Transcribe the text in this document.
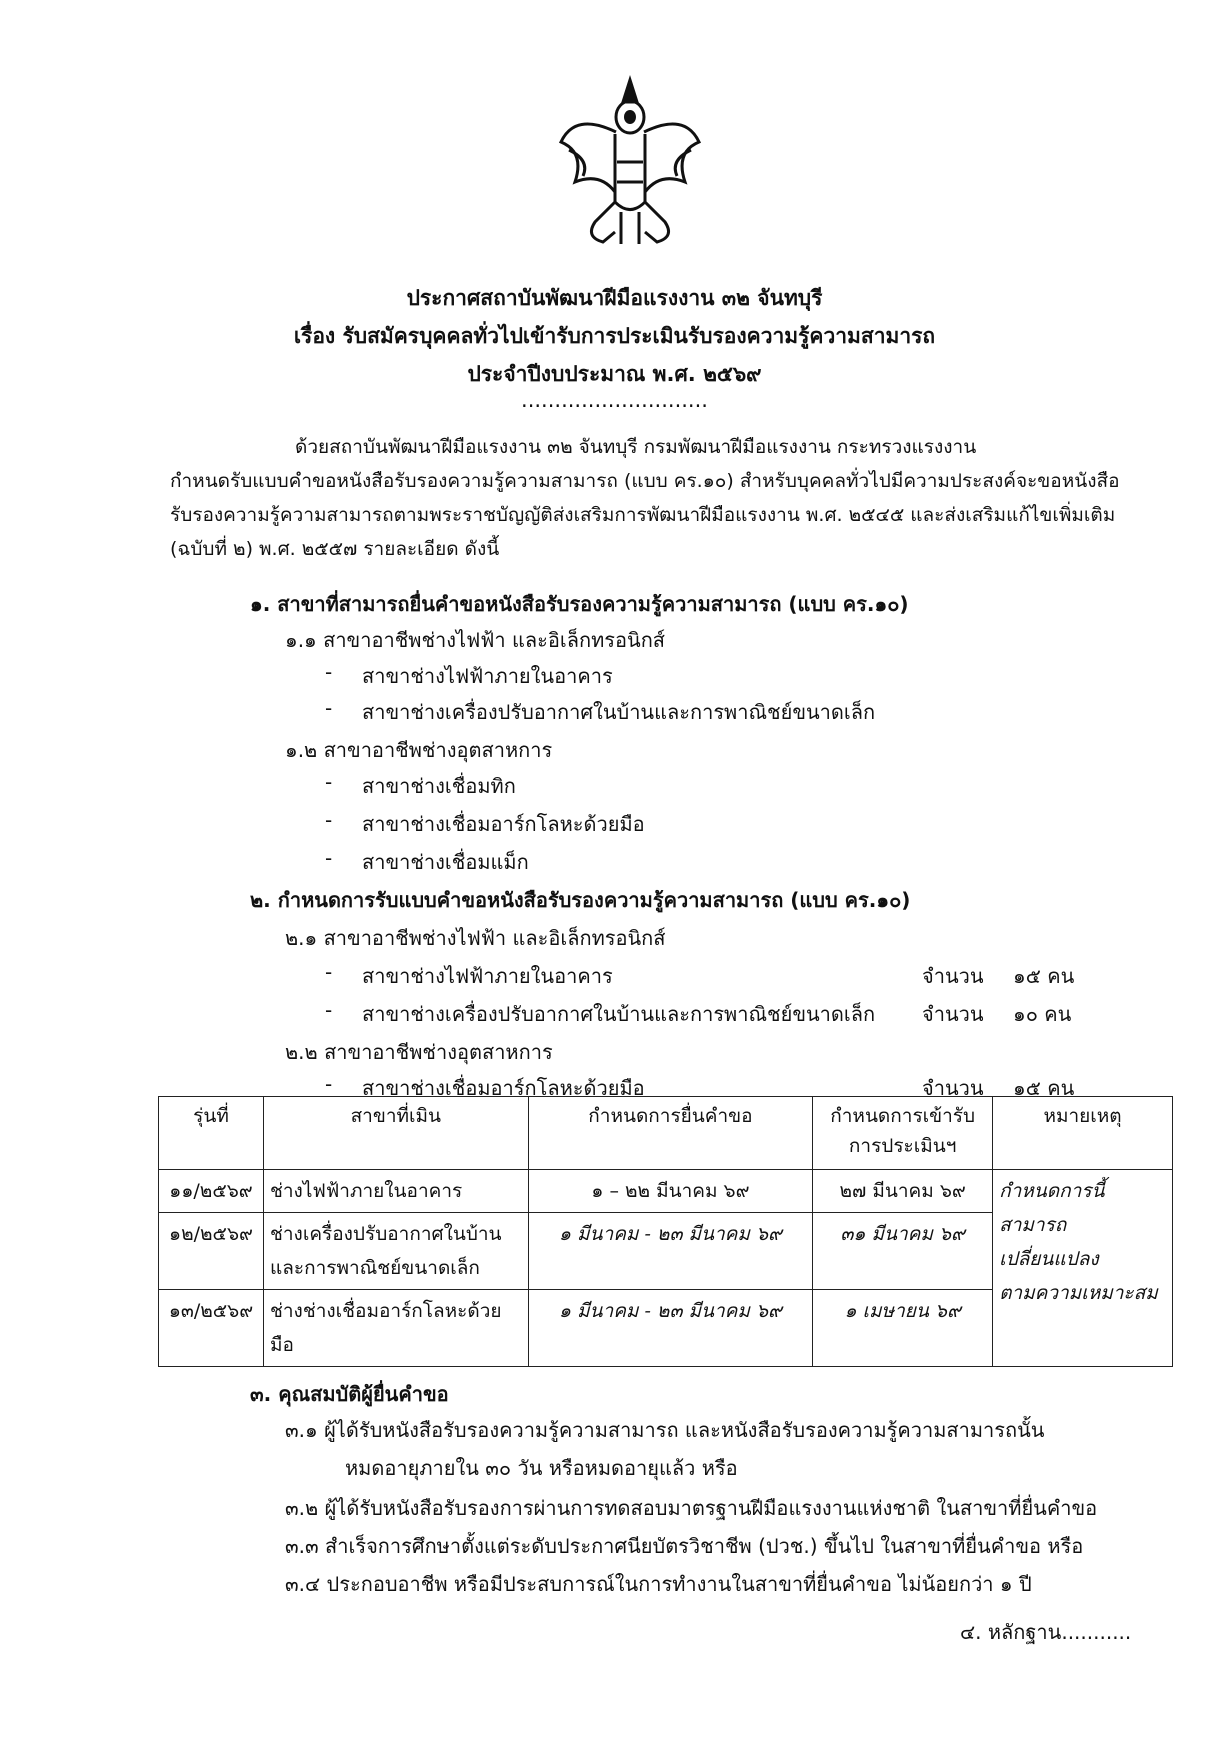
ประกาศสถาบันพัฒนาฝีมือแรงงาน ๓๒ จันทบุรี
เรื่อง รับสมัครบุคคลทั่วไปเข้ารับการประเมินรับรองความรู้ความสามารถ
ประจำปีงบประมาณ พ.ศ. ๒๕๖๙
............................
ด้วยสถาบันพัฒนาฝีมือแรงงาน ๓๒ จันทบุรี กรมพัฒนาฝีมือแรงงาน กระทรวงแรงงาน
กำหนดรับแบบคำขอหนังสือรับรองความรู้ความสามารถ (แบบ คร.๑๐) สำหรับบุคคลทั่วไปมีความประสงค์จะขอหนังสือ
รับรองความรู้ความสามารถตามพระราชบัญญัติส่งเสริมการพัฒนาฝีมือแรงงาน พ.ศ. ๒๕๔๕ และส่งเสริมแก้ไขเพิ่มเติม
(ฉบับที่ ๒) พ.ศ. ๒๕๕๗ รายละเอียด ดังนี้
๑. สาขาที่สามารถยื่นคำขอหนังสือรับรองความรู้ความสามารถ (แบบ คร.๑๐)
๑.๑ สาขาอาชีพช่างไฟฟ้า และอิเล็กทรอนิกส์
- สาขาช่างไฟฟ้าภายในอาคาร
- สาขาช่างเครื่องปรับอากาศในบ้านและการพาณิชย์ขนาดเล็ก
๑.๒ สาขาอาชีพช่างอุตสาหการ
- สาขาช่างเชื่อมทิก
- สาขาช่างเชื่อมอาร์กโลหะด้วยมือ
- สาขาช่างเชื่อมแม็ก
๒. กำหนดการรับแบบคำขอหนังสือรับรองความรู้ความสามารถ (แบบ คร.๑๐)
๒.๑ สาขาอาชีพช่างไฟฟ้า และอิเล็กทรอนิกส์
- สาขาช่างไฟฟ้าภายในอาคาร	จำนวน ๑๕ คน
- สาขาช่างเครื่องปรับอากาศในบ้านและการพาณิชย์ขนาดเล็ก จำนวน ๑๐ คน
๒.๒ สาขาอาชีพช่างอุตสาหการ
- สาขาช่างเชื่อมอาร์กโลหะด้วยมือ	จำนวน ๑๕ คน
รุ่นที่	สาขาที่เมิน	กำหนดการยื่นคำขอ	กำหนดการเข้ารับ
การประเมินฯ	หมายเหตุ
๑๑/๒๕๖๙	ช่างไฟฟ้าภายในอาคาร	๑ – ๒๒ มีนาคม ๖๙	๒๗ มีนาคม ๖๙	กำหนดการนี้
สามารถ
เปลี่ยนแปลง
ตามความเหมาะสม

๑๒/๒๕๖๙	ช่างเครื่องปรับอากาศในบ้าน
และการพาณิชย์ขนาดเล็ก	๑ มีนาคม - ๒๓ มีนาคม ๖๙	๓๑ มีนาคม ๖๙	
๑๓/๒๕๖๙	ช่างช่างเชื่อมอาร์กโลหะด้วยมือ	๑ มีนาคม - ๒๓ มีนาคม ๖๙	๑ เมษายน ๖๙	
๓. คุณสมบัติผู้ยื่นคำขอ
๓.๑ ผู้ได้รับหนังสือรับรองความรู้ความสามารถ และหนังสือรับรองความรู้ความสามารถนั้น
หมดอายุภายใน ๓๐ วัน หรือหมดอายุแล้ว หรือ
๓.๒ ผู้ได้รับหนังสือรับรองการผ่านการทดสอบมาตรฐานฝีมือแรงงานแห่งชาติ ในสาขาที่ยื่นคำขอ
๓.๓ สำเร็จการศึกษาตั้งแต่ระดับประกาศนียบัตรวิชาชีพ (ปวช.) ขึ้นไป ในสาขาที่ยื่นคำขอ หรือ
๓.๔ ประกอบอาชีพ หรือมีประสบการณ์ในการทำงานในสาขาที่ยื่นคำขอ ไม่น้อยกว่า ๑ ปี
๔. หลักฐาน...........
